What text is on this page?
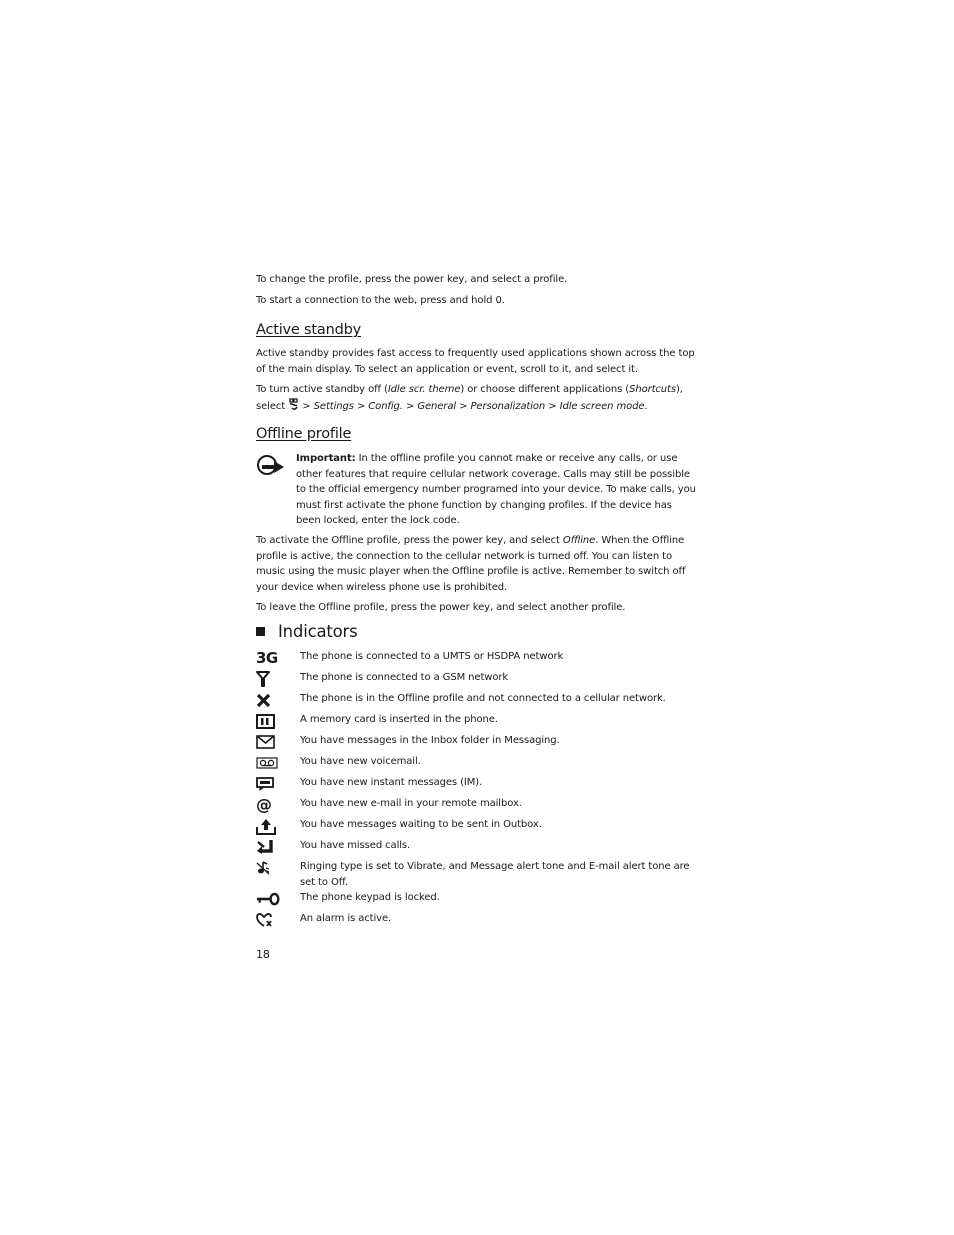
To change the profile, press the power key, and select a profile.

To start a connection to the web, press and hold 0.

Active standby

Active standby provides fast access to frequently used applications shown across the top of the main display. To select an application or event, scroll to it, and select it.

To turn active standby off (Idle scr. theme) or choose different applications (Shortcuts), select  > Settings > Config. > General > Personalization > Idle screen mode.

Offline profile

Important: In the offline profile you cannot make or receive any calls, or use other features that require cellular network coverage. Calls may still be possible to the official emergency number programed into your device. To make calls, you must first activate the phone function by changing profiles. If the device has been locked, enter the lock code.

To activate the Offline profile, press the power key, and select Offline. When the Offline profile is active, the connection to the cellular network is turned off. You can listen to music using the music player when the Offline profile is active. Remember to switch off your device when wireless phone use is prohibited.

To leave the Offline profile, press the power key, and select another profile.

Indicators
3G The phone is connected to a UMTS or HSDPA network
The phone is connected to a GSM network
The phone is in the Offline profile and not connected to a cellular network.
A memory card is inserted in the phone.
You have messages in the Inbox folder in Messaging.
You have new voicemail.
You have new instant messages (IM).
@	You have new e-mail in your remote mailbox.
You have messages waiting to be sent in Outbox.
You have missed calls.
Ringing type is set to Vibrate, and Message alert tone and E-mail alert tone are set to Off.
The phone keypad is locked.
An alarm is active.
18
